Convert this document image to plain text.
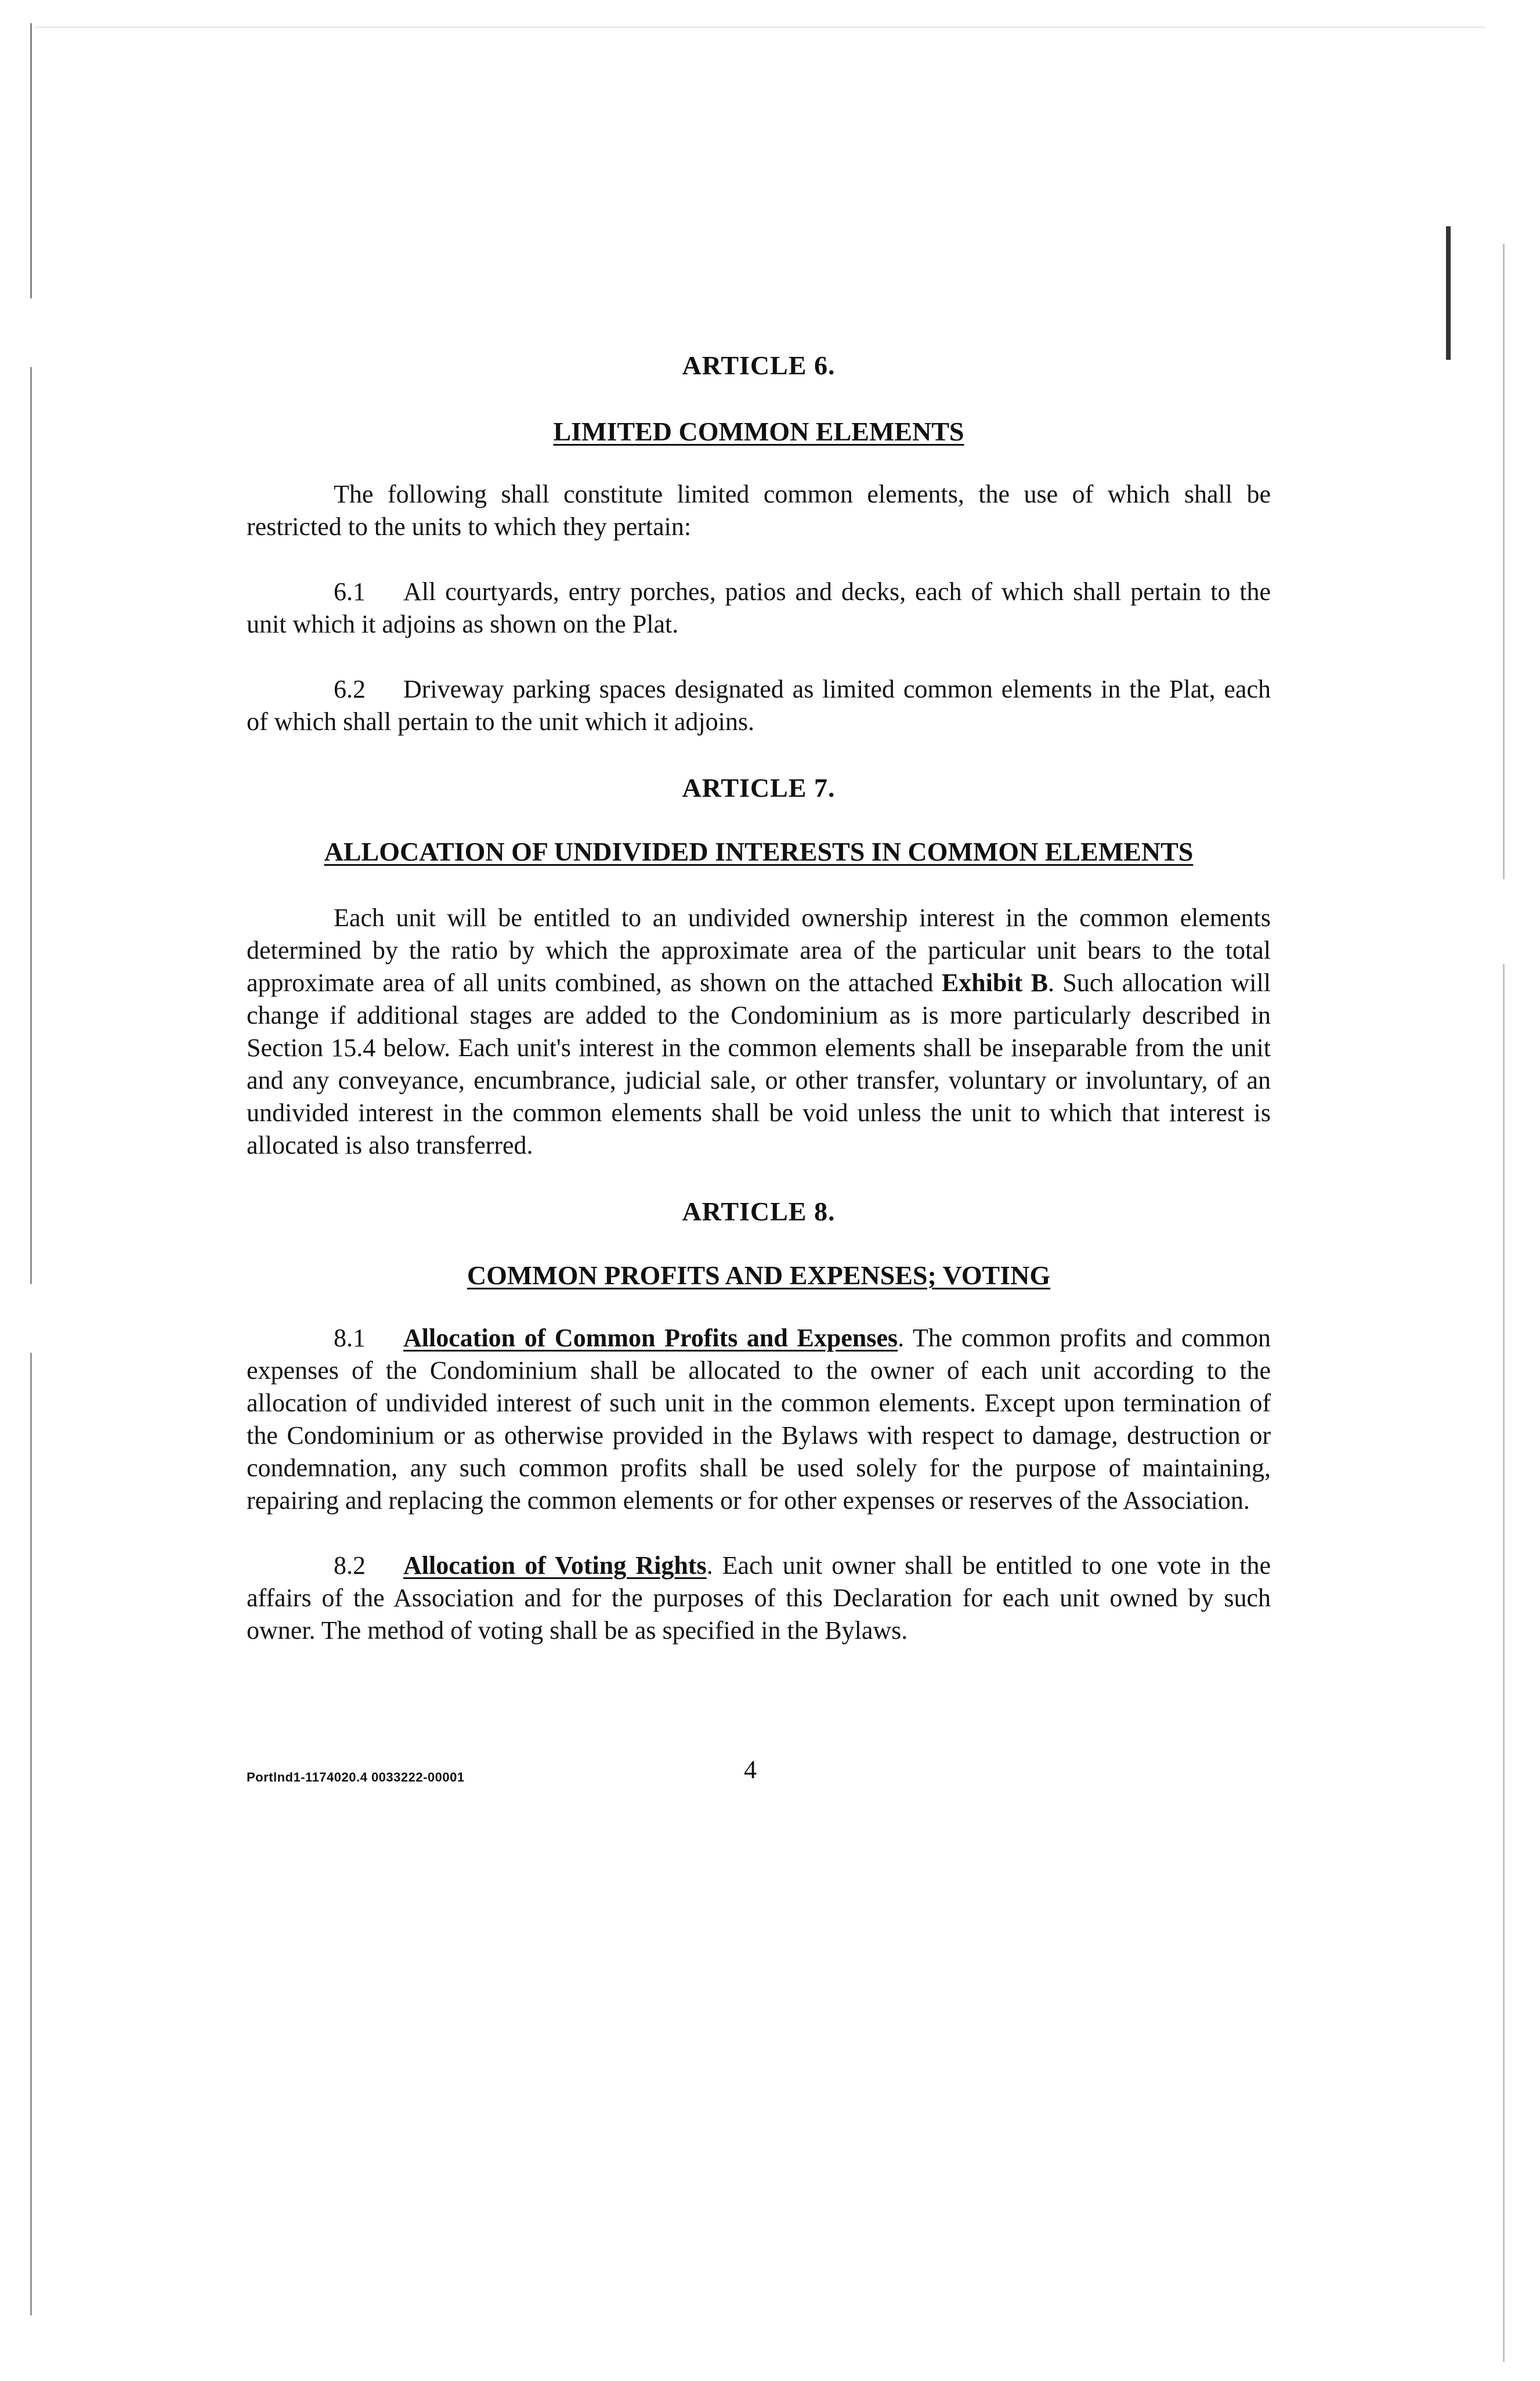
ARTICLE 6.

LIMITED COMMON ELEMENTS

The following shall constitute limited common elements, the use of which shall be restricted to the units to which they pertain:

6.1 All courtyards, entry porches, patios and decks, each of which shall pertain to the unit which it adjoins as shown on the Plat.

6.2 Driveway parking spaces designated as limited common elements in the Plat, each of which shall pertain to the unit which it adjoins.

ARTICLE 7.

ALLOCATION OF UNDIVIDED INTERESTS IN COMMON ELEMENTS

Each unit will be entitled to an undivided ownership interest in the common elements determined by the ratio by which the approximate area of the particular unit bears to the total approximate area of all units combined, as shown on the attached Exhibit B. Such allocation will change if additional stages are added to the Condominium as is more particularly described in Section 15.4 below. Each unit's interest in the common elements shall be inseparable from the unit and any conveyance, encumbrance, judicial sale, or other transfer, voluntary or involuntary, of an undivided interest in the common elements shall be void unless the unit to which that interest is allocated is also transferred.

ARTICLE 8.

COMMON PROFITS AND EXPENSES; VOTING

8.1 Allocation of Common Profits and Expenses. The common profits and common expenses of the Condominium shall be allocated to the owner of each unit according to the allocation of undivided interest of such unit in the common elements. Except upon termination of the Condominium or as otherwise provided in the Bylaws with respect to damage, destruction or condemnation, any such common profits shall be used solely for the purpose of maintaining, repairing and replacing the common elements or for other expenses or reserves of the Association.

8.2 Allocation of Voting Rights. Each unit owner shall be entitled to one vote in the affairs of the Association and for the purposes of this Declaration for each unit owned by such owner. The method of voting shall be as specified in the Bylaws.

Portlnd1-1174020.4 0033222-00001	4
